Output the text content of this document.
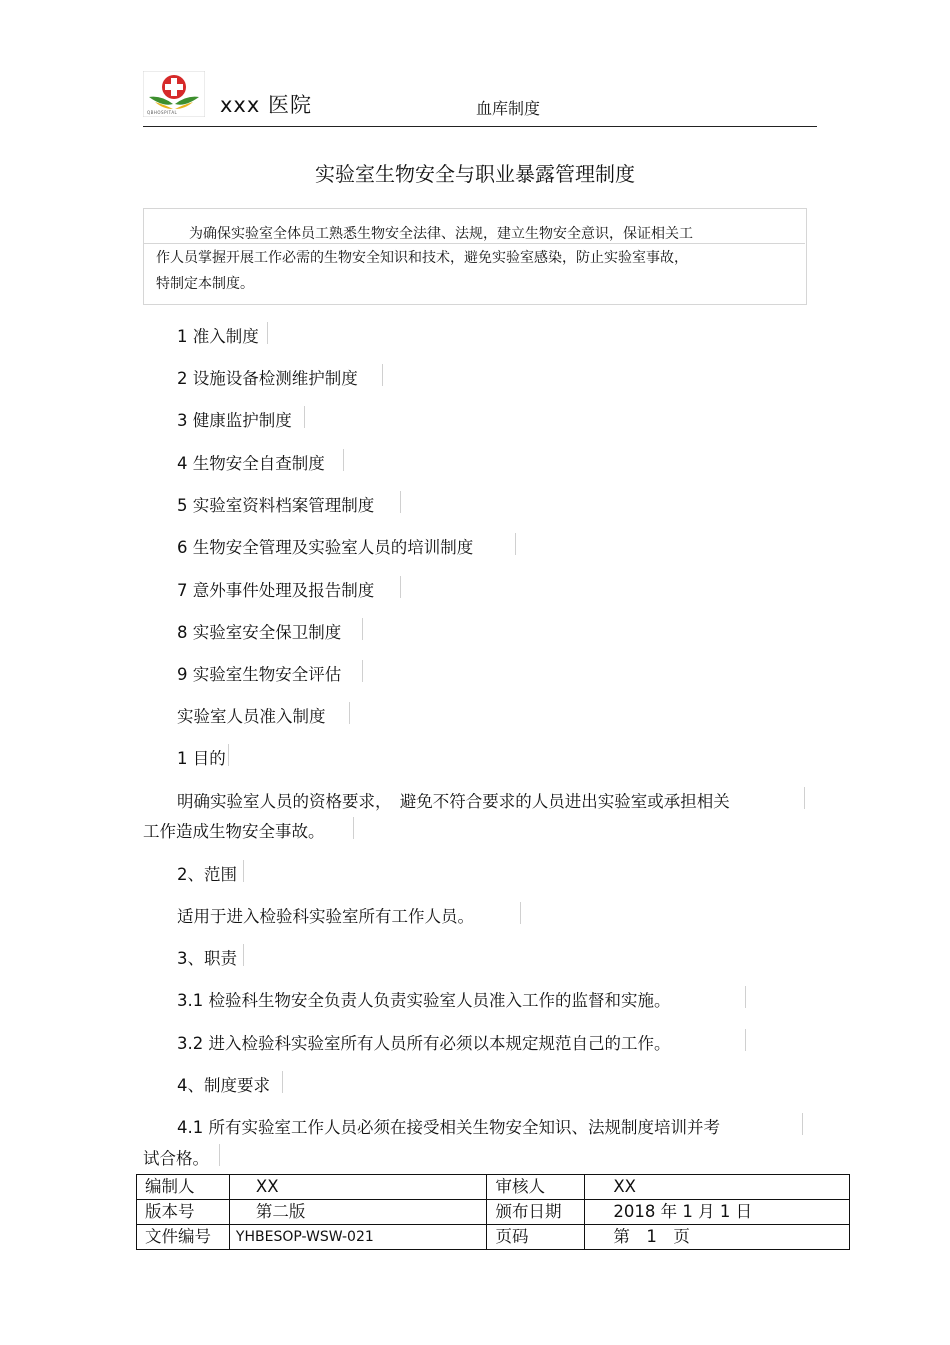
QBHOSPITAL xxx 医院	血库制度
实验室生物安全与职业暴露管理制度
为确保实验室全体员工熟悉生物安全法律、法规，建立生物安全意识，保证相关工
作人员掌握开展工作必需的生物安全知识和技术，避免实验室感染，防止实验室事故，
特制定本制度。
1 准入制度
2 设施设备检测维护制度
3 健康监护制度
4 生物安全自查制度
5 实验室资料档案管理制度
6 生物安全管理及实验室人员的培训制度
7 意外事件处理及报告制度
8 实验室安全保卫制度
9 实验室生物安全评估
实验室人员准入制度
1 目的
明确实验室人员的资格要求，　避免不符合要求的人员进出实验室或承担相关
工作造成生物安全事故。
2、范围
适用于进入检验科实验室所有工作人员。
3、职责
3.1 检验科生物安全负责人负责实验室人员准入工作的监督和实施。
3.2 进入检验科实验室所有人员所有必须以本规定规范自己的工作。
4、制度要求
4.1 所有实验室工作人员必须在接受相关生物安全知识、法规制度培训并考
试合格。
编制人	XX	审核人	XX
版本号	第二版	颁布日期	2018 年 1 月 1 日
文件编号	YHBESOP-WSW-021	页码	第　1　页
